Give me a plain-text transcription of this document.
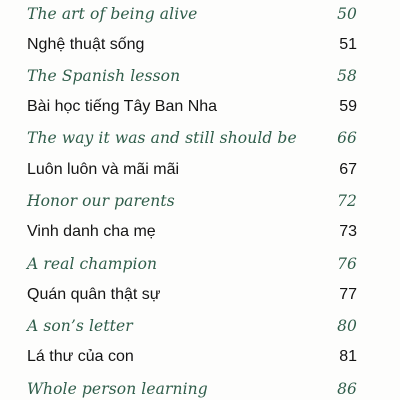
The art of being alive	50
Nghệ thuật sống	51
The Spanish lesson	58
Bài học tiếng Tây Ban Nha	59
The way it was and still should be	66
Luôn luôn và mãi mãi	67
Honor our parents	72
Vinh danh cha mẹ	73
A real champion	76
Quán quân thật sự	77
A son’s letter	80
Lá thư của con	81
Whole person learning	86
